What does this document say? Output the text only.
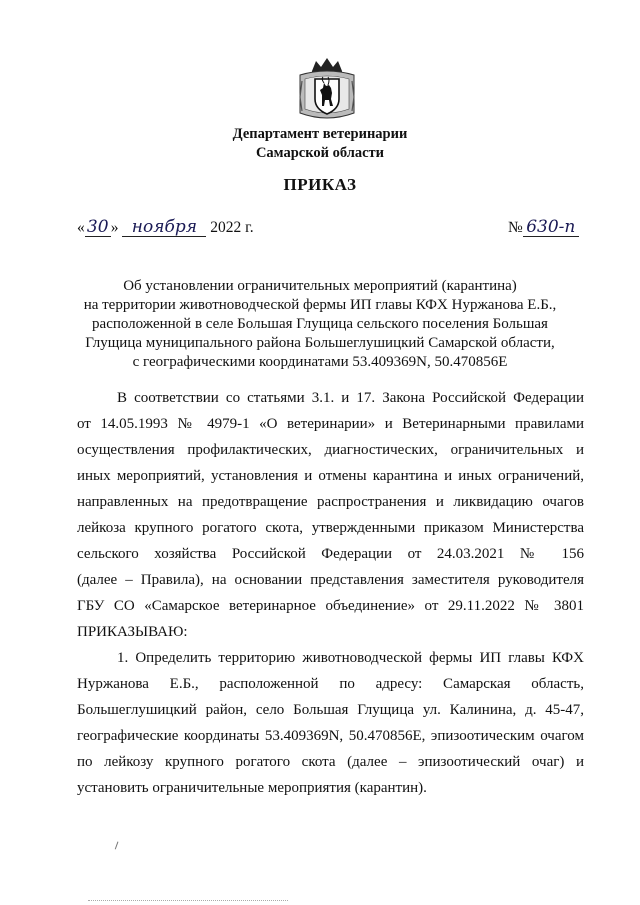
Департамент ветеринарии
Самарской области
ПРИКАЗ
« 30 » ноября 2022 г.	№ 630-п
Об установлении ограничительных мероприятий (карантина)
на территории животноводческой фермы ИП главы КФХ Нуржанова Е.Б.,
расположенной в селе Большая Глущица сельского поселения Большая
Глущица муниципального района Большеглушицкий Самарской области,
с географическими координатами 53.409369N, 50.470856E
В соответствии со статьями 3.1. и 17. Закона Российской Федерации
от 14.05.1993 № 4979-1 «О ветеринарии» и Ветеринарными правилами
осуществления профилактических, диагностических, ограничительных и
иных мероприятий, установления и отмены карантина и иных ограничений,
направленных на предотвращение распространения и ликвидацию очагов
лейкоза крупного рогатого скота, утвержденными приказом Министерства
сельского хозяйства Российской Федерации от 24.03.2021 № 156
(далее – Правила), на основании представления заместителя руководителя
ГБУ СО «Самарское ветеринарное объединение» от 29.11.2022 № 3801
ПРИКАЗЫВАЮ:
1. Определить территорию животноводческой фермы ИП главы КФХ
Нуржанова Е.Б., расположенной по адресу: Самарская область,
Большеглушицкий район, село Большая Глущица ул. Калинина, д. 45-47,
географические координаты 53.409369N, 50.470856E, эпизоотическим очагом
по лейкозу крупного рогатого скота (далее – эпизоотический очаг) и
установить ограничительные мероприятия (карантин).
